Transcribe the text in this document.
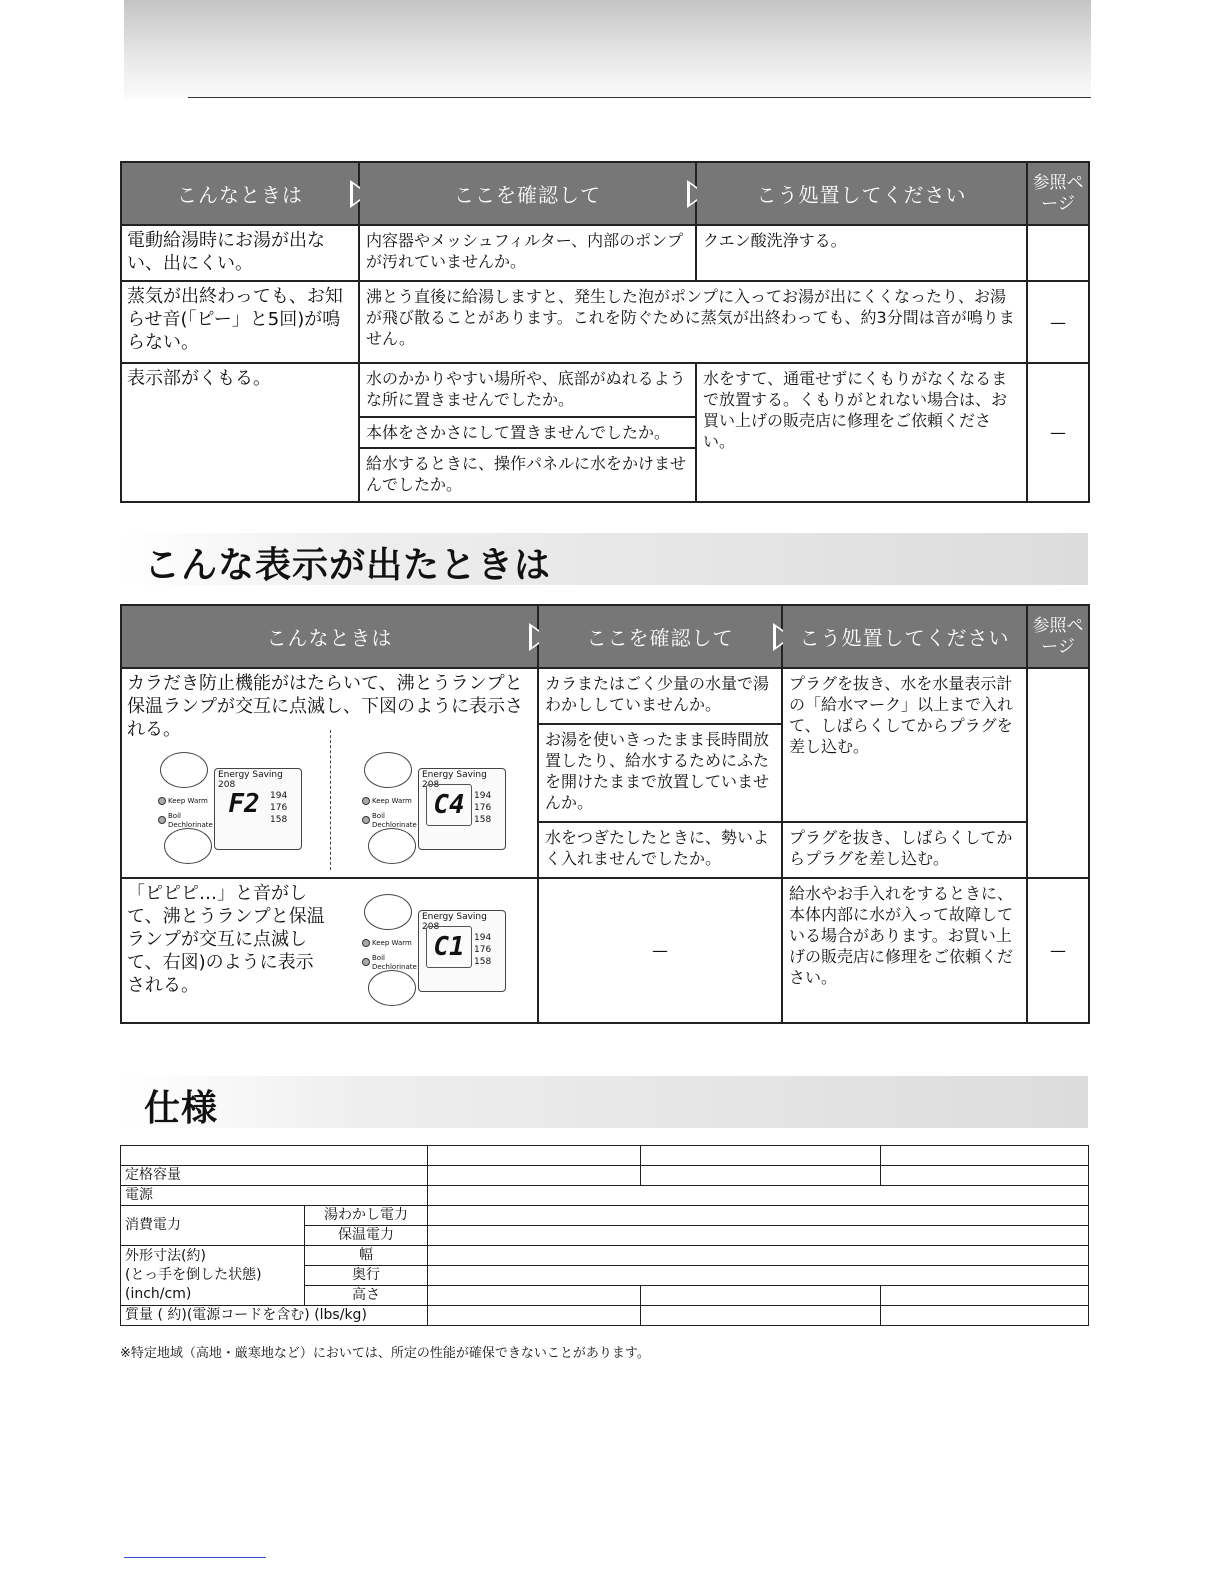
こんなときは	ここを確認して	こう処置してください	参照ページ
電動給湯時にお湯が出ない、出にくい。	内容器やメッシュフィルター、内部のポンプが汚れていませんか。	クエン酸洗浄する。	
蒸気が出終わっても、お知らせ音(「ピー」と5回)が鳴らない。	沸とう直後に給湯しますと、発生した泡がポンプに入ってお湯が出にくくなったり、お湯が飛び散ることがあります。これを防ぐために蒸気が出終わっても、約3分間は音が鳴りません。		—
表示部がくもる。	水のかかりやすい場所や、底部がぬれるような所に置きませんでしたか。	水をすて、通電せずにくもりがなくなるまで放置する。くもりがとれない場合は、お買い上げの販売店に修理をご依頼ください。	—
	本体をさかさにして置きませんでしたか。		
	給水するときに、操作パネルに水をかけませんでしたか。		
こんな表示が出たときは
こんなときは	ここを確認して	こう処置してください	参照ページ

カラだき防止機能がはたらいて、沸とうランプと保温ランプが交互に点滅し、下図のように表示される。	カラまたはごく少量の水量で湯わかししていませんか。	プラグを抜き、水を水量表示計の「給水マーク」以上まで入れて、しばらくしてからプラグを差し込む。	
	お湯を使いきったまま長時間放置したり、給水するためにふたを開けたままで放置していませんか。		
	水をつぎたしたときに、勢いよく入れませんでしたか。	プラグを抜き、しばらくしてからプラグを差し込む。	

「ピピピ…」と音がして、沸とうランプと保温ランプが交互に点滅して、右図)のように表示される。	—	給水やお手入れをするときに、本体内部に水が入って故障している場合があります。お買い上げの販売店に修理をご依頼ください。	—
Energy Saving 208
Keep Warm
Boil
Dechlorinate
F2	194
176
158
Energy Saving 208
Keep Warm
Boil
Dechlorinate
C4	194
176
158
Energy Saving 208
Keep Warm
Boil
Dechlorinate
C1	194
176
158
仕様

定格容量				
電源				
消費電力	湯わかし電力			
	保温電力			

外形寸法(約)
(とっ手を倒した状態)
(inch/cm)	幅			
	奥行			
	高さ			
質量 ( 約)(電源コードを含む) (lbs/kg)				
※特定地域（高地・厳寒地など）においては、所定の性能が確保できないことがあります。
